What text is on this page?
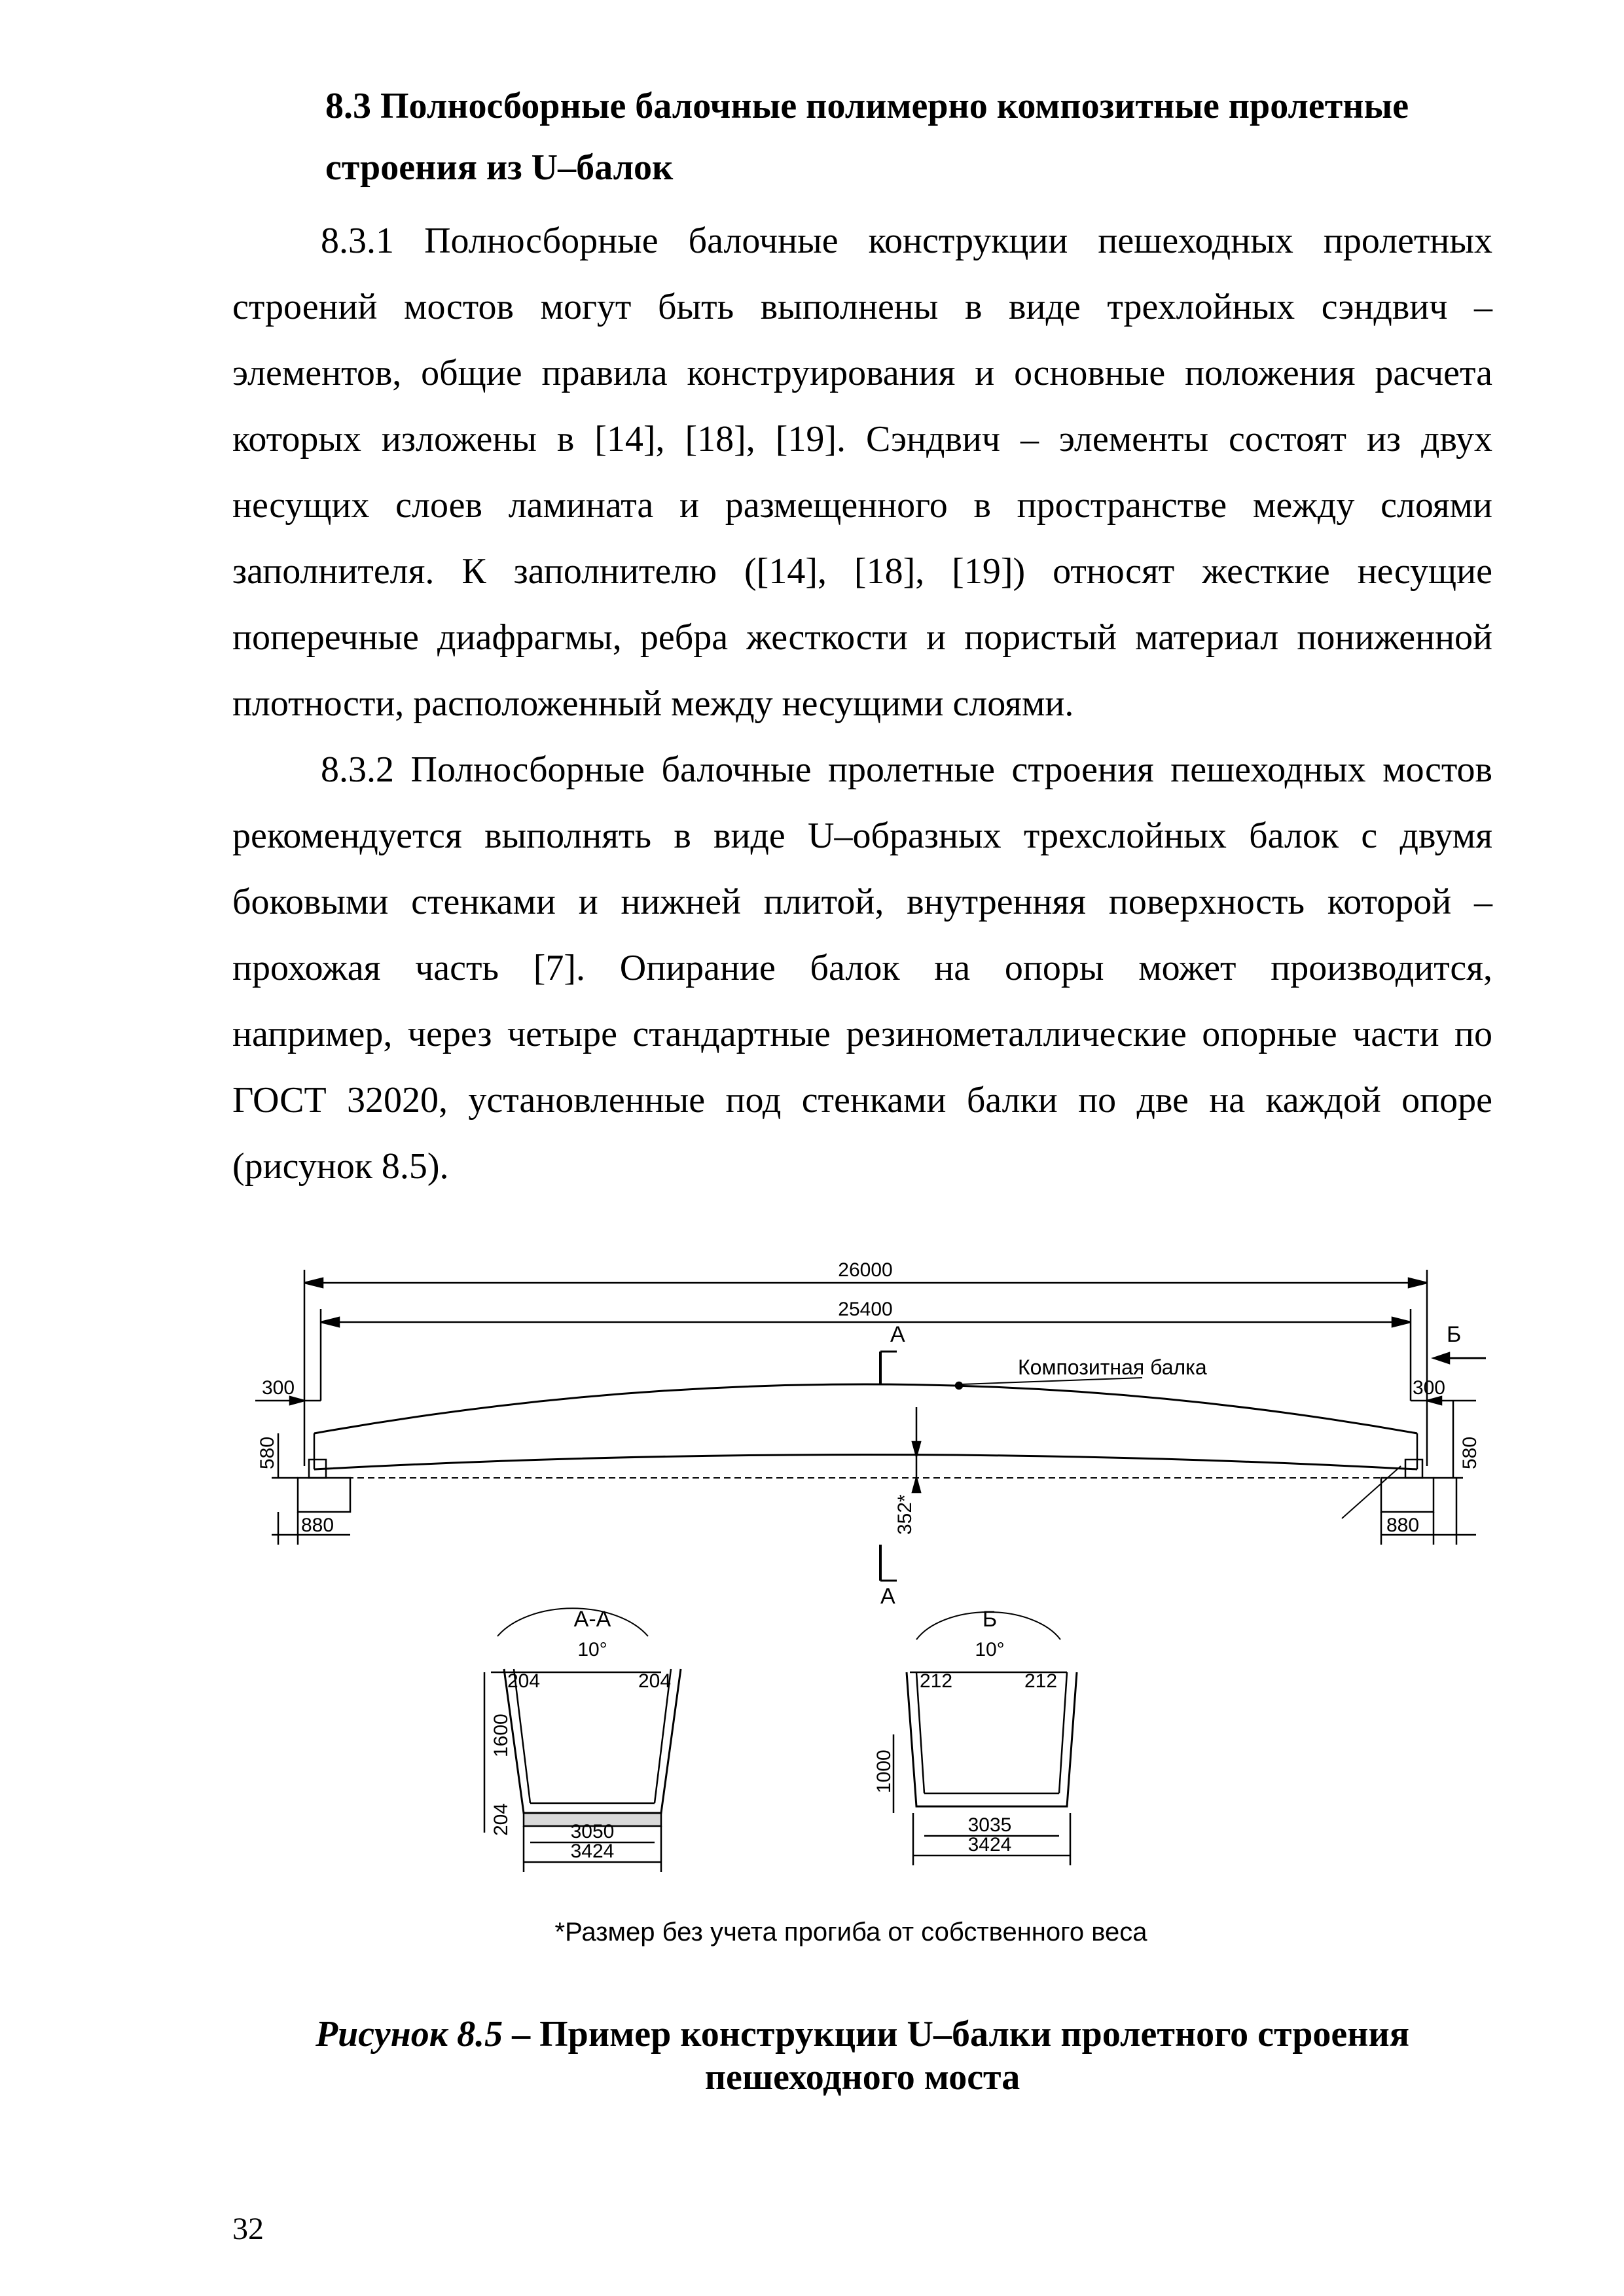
8.3 Полносборные балочные полимерно композитные пролетные
строения из U–балок
8.3.1 Полносборные балочные конструкции пешеходных пролетных
строений мостов могут быть выполнены в виде трехлойных сэндвич –
элементов, общие правила конструирования и основные положения расчета
которых изложены в [14], [18], [19]. Сэндвич – элементы состоят из двух
несущих слоев ламината и размещенного в пространстве между слоями
заполнителя. К заполнителю ([14], [18], [19]) относят жесткие несущие
поперечные диафрагмы, ребра жесткости и пористый материал пониженной
плотности, расположенный между несущими слоями.
8.3.2 Полносборные балочные пролетные строения пешеходных мостов
рекомендуется выполнять в виде U–образных трехслойных балок с двумя
боковыми стенками и нижней плитой, внутренняя поверхность которой –
прохожая часть [7]. Опирание балок на опоры может производится,
например, через четыре стандартные резинометаллические опорные части по
ГОСТ 32020, установленные под стенками балки по две на каждой опоре
(рисунок 8.5).
26000
25400
300	300
580	580
880	880
352*
А
А
Б
Композитная балка
А-А
10°
204	204
1600
204	3050
3424
Б
10°
212	212
1000
3035
3424
*Размер без учета прогиба от собственного веса
Рисунок 8.5 – Пример конструкции U–балки пролетного строения
пешеходного моста
32
